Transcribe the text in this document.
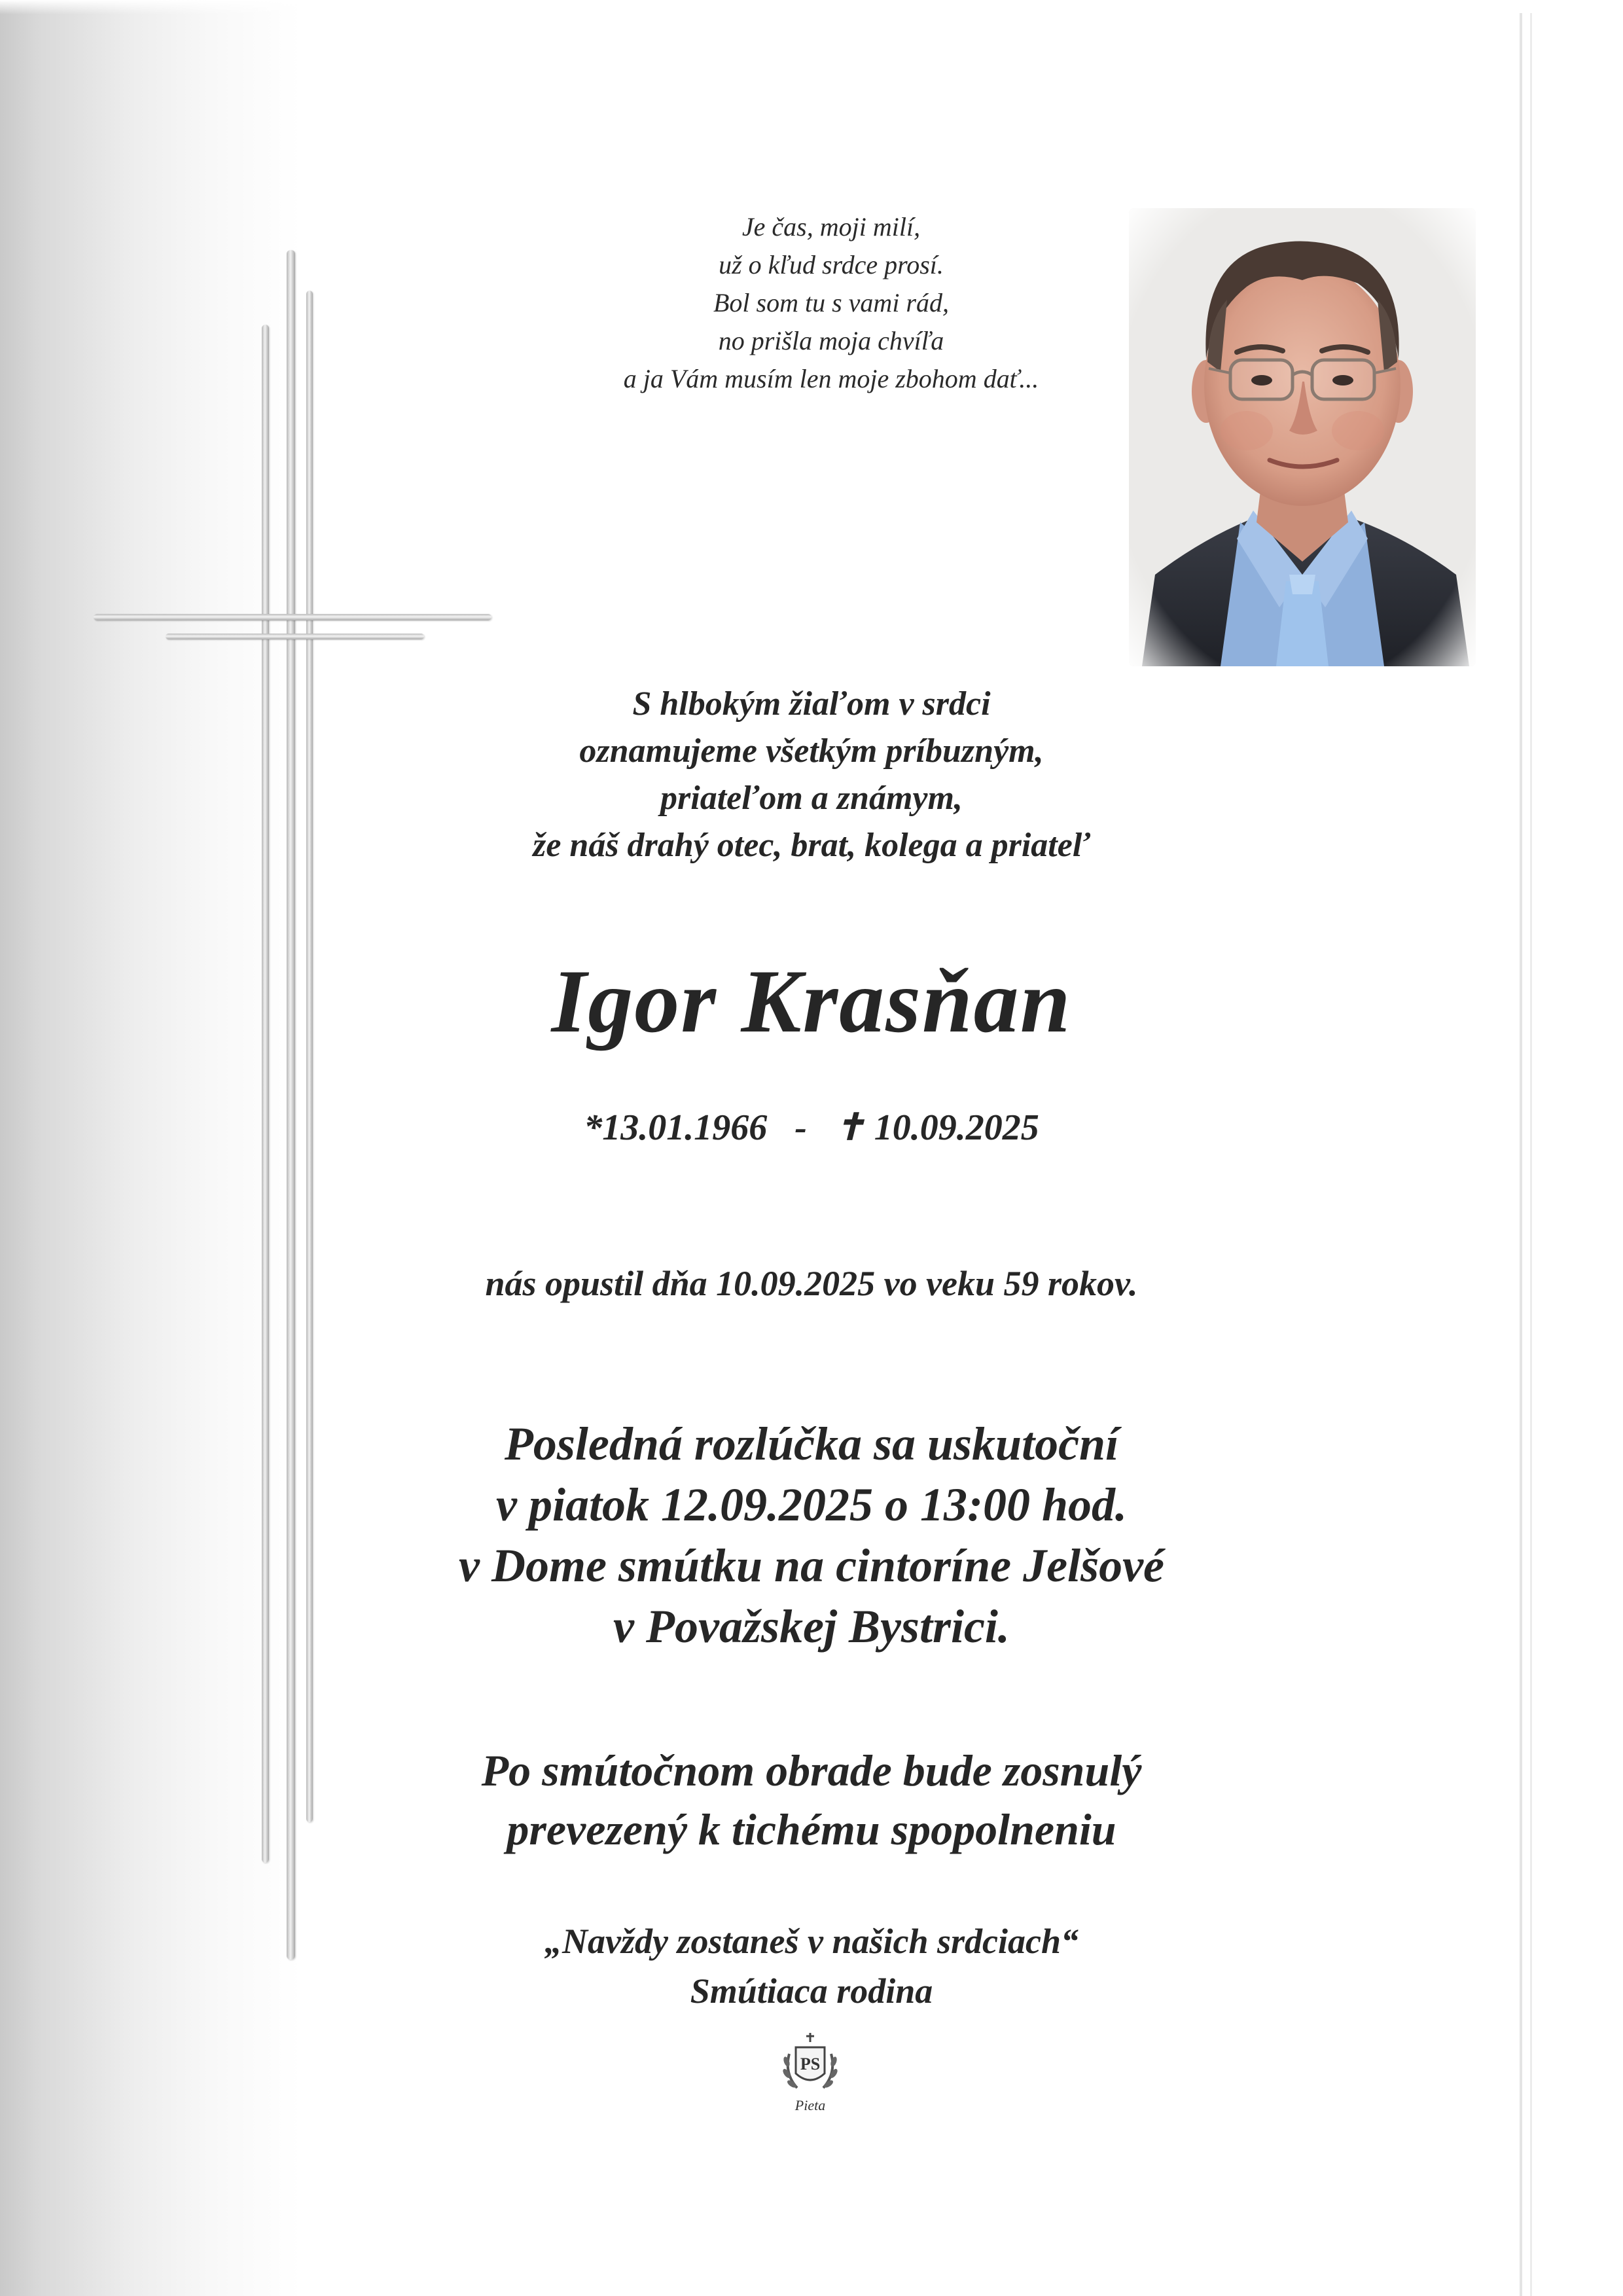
Je čas, moji milí,
už o kľud srdce prosí.
Bol som tu s vami rád,
no prišla moja chvíľa
a ja Vám musím len moje zbohom dať...
S hlbokým žiaľom v srdci
oznamujeme všetkým príbuzným,
priateľom a známym,
že náš drahý otec, brat, kolega a priateľ
Igor Krasňan
*13.01.1966 - ✝ 10.09.2025
nás opustil dňa 10.09.2025 vo veku 59 rokov.
Posledná rozlúčka sa uskutoční
v piatok 12.09.2025 o 13:00 hod.
v Dome smútku na cintoríne Jelšové
v Považskej Bystrici.
Po smútočnom obrade bude zosnulý
prevezený k tichému spopolneniu
„Navždy zostaneš v našich srdciach“
Smútiaca rodina
PS
Pieta
